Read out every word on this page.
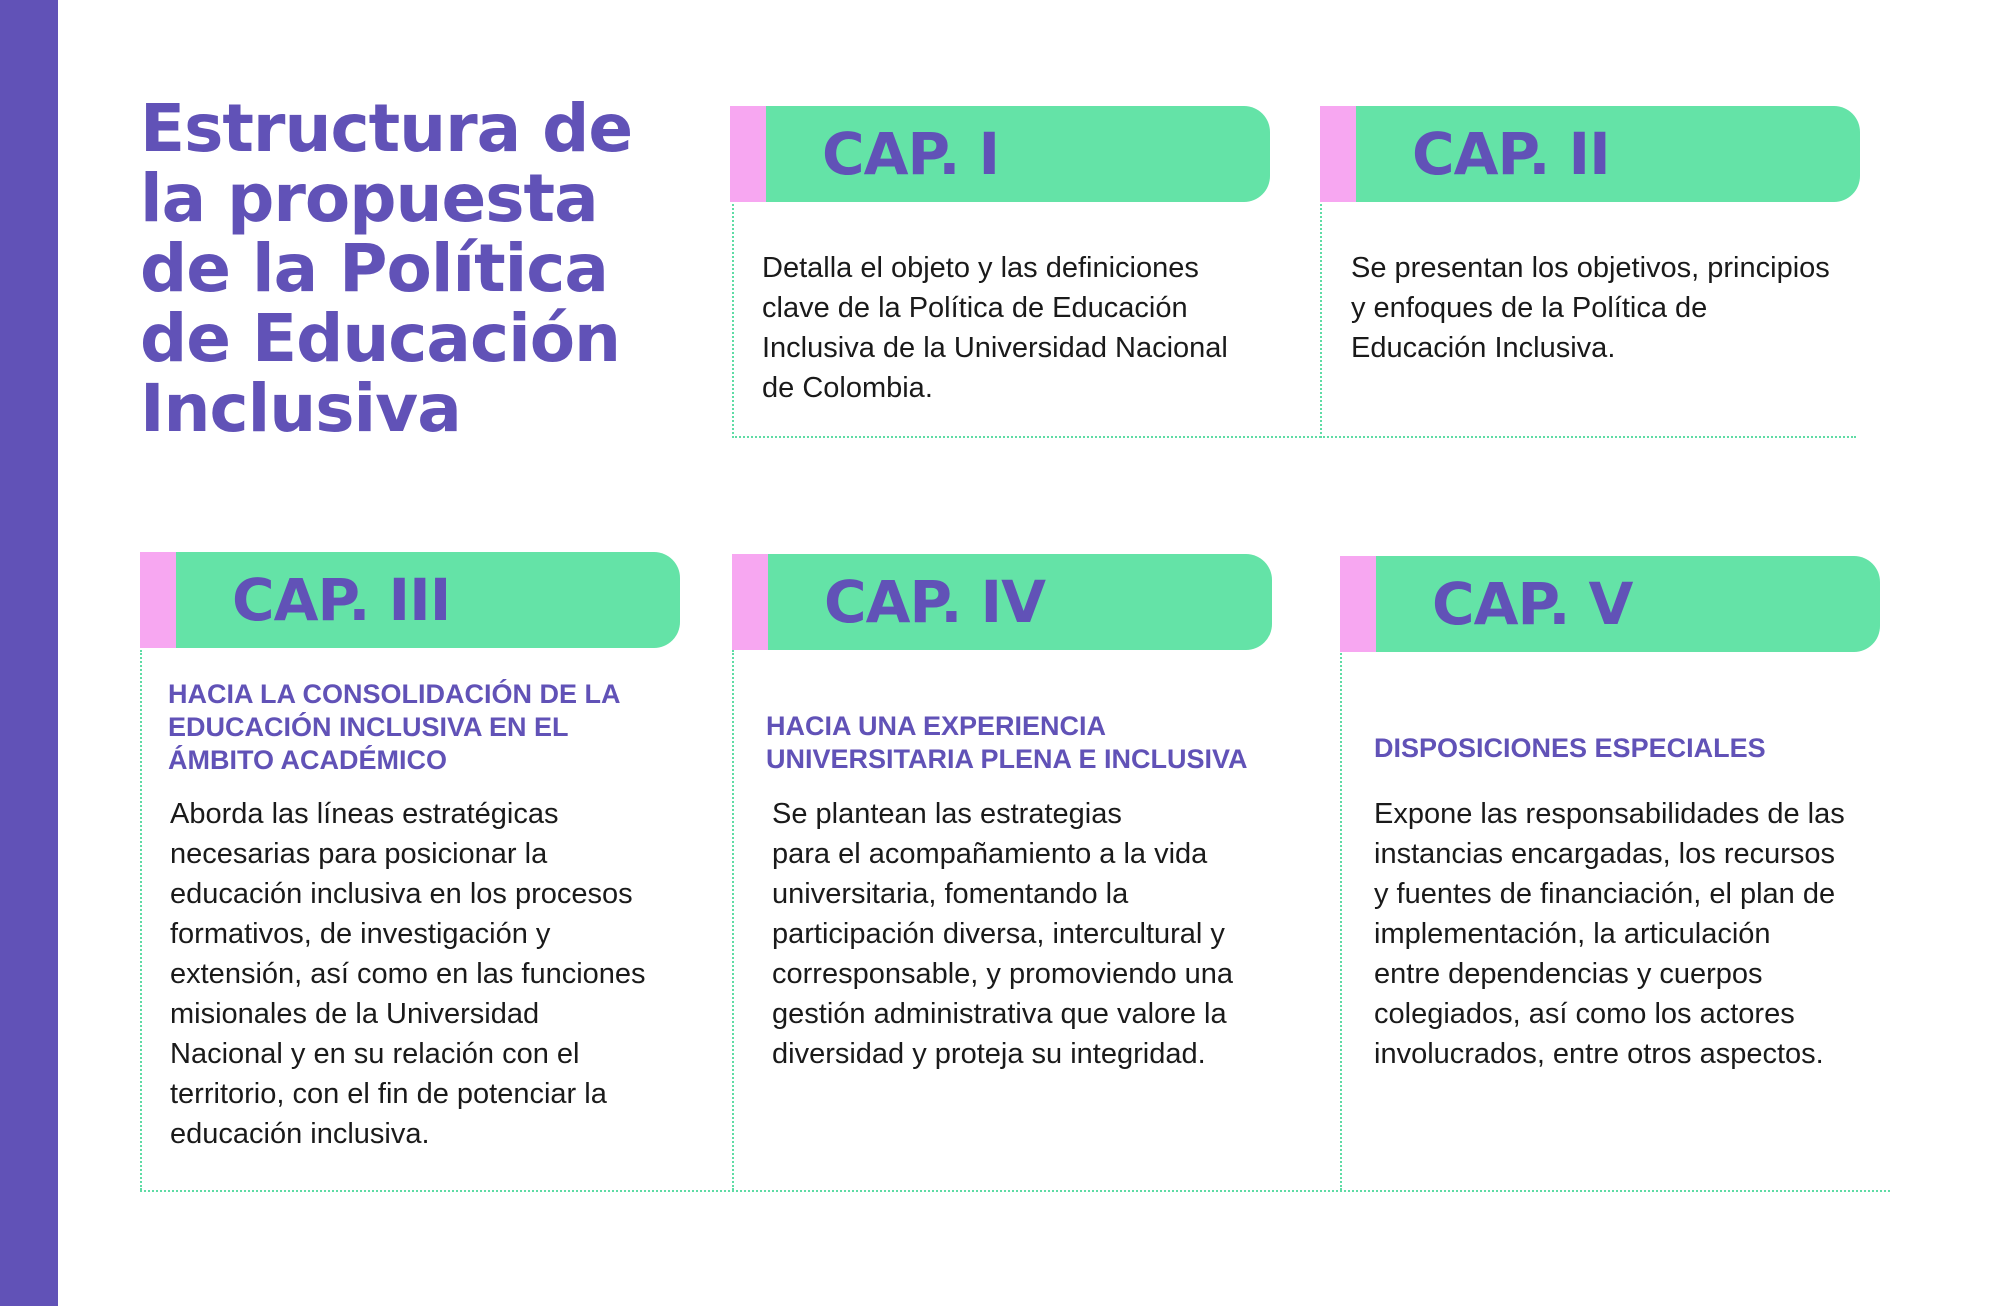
Estructura de
la propuesta
de la Política
de Educación
Inclusiva
CAP. I
Detalla el objeto y las definiciones
clave de la Política de Educación
Inclusiva de la Universidad Nacional
de Colombia.
CAP. II
Se presentan los objetivos, principios
y enfoques de la Política de
Educación Inclusiva.
CAP. III
HACIA LA CONSOLIDACIÓN DE LA
EDUCACIÓN INCLUSIVA EN EL
ÁMBITO ACADÉMICO
Aborda las líneas estratégicas
necesarias para posicionar la
educación inclusiva en los procesos
formativos, de investigación y
extensión, así como en las funciones
misionales de la Universidad
Nacional y en su relación con el
territorio, con el fin de potenciar la
educación inclusiva.
CAP. IV
HACIA UNA EXPERIENCIA
UNIVERSITARIA PLENA E INCLUSIVA
Se plantean las estrategias
para el acompañamiento a la vida
universitaria, fomentando la
participación diversa, intercultural y
corresponsable, y promoviendo una
gestión administrativa que valore la
diversidad y proteja su integridad.
CAP. V
DISPOSICIONES ESPECIALES
Expone las responsabilidades de las
instancias encargadas, los recursos
y fuentes de financiación, el plan de
implementación, la articulación
entre dependencias y cuerpos
colegiados, así como los actores
involucrados, entre otros aspectos.
